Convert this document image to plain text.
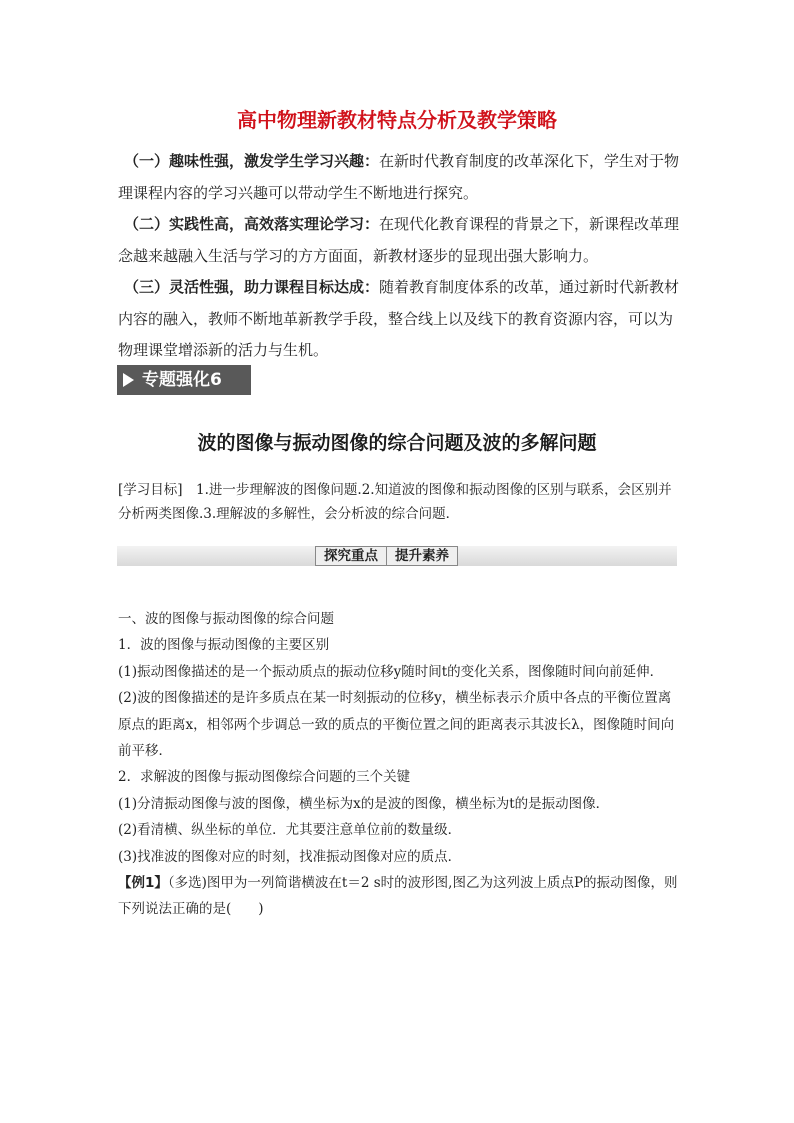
高中物理新教材特点分析及教学策略

（一）趣味性强，激发学生学习兴趣：在新时代教育制度的改革深化下，学生对于物理课程内容的学习兴趣可以带动学生不断地进行探究。

（二）实践性高，高效落实理论学习：在现代化教育课程的背景之下，新课程改革理念越来越融入生活与学习的方方面面，新教材逐步的显现出强大影响力。

（三）灵活性强，助力课程目标达成：随着教育制度体系的改革，通过新时代新教材内容的融入，教师不断地革新教学手段，整合线上以及线下的教育资源内容，可以为物理课堂增添新的活力与生机。

专题强化6
波的图像与振动图像的综合问题及波的多解问题

[学习目标]　1.进一步理解波的图像问题.2.知道波的图像和振动图像的区别与联系，会区别并分析两类图像.3.理解波的多解性，会分析波的综合问题．

探究重点	提升素养

一、波的图像与振动图像的综合问题

1．波的图像与振动图像的主要区别

(1)振动图像描述的是一个振动质点的振动位移y随时间t的变化关系，图像随时间向前延伸．

(2)波的图像描述的是许多质点在某一时刻振动的位移y，横坐标表示介质中各点的平衡位置离原点的距离x，相邻两个步调总一致的质点的平衡位置之间的距离表示其波长λ，图像随时间向前平移．

2．求解波的图像与振动图像综合问题的三个关键

(1)分清振动图像与波的图像，横坐标为x的是波的图像，横坐标为t的是振动图像．

(2)看清横、纵坐标的单位．尤其要注意单位前的数量级．

(3)找准波的图像对应的时刻，找准振动图像对应的质点．

【例1】（多选)图甲为一列简谐横波在t＝2 s时的波形图,图乙为这列波上质点P的振动图像，则下列说法正确的是(　　)
